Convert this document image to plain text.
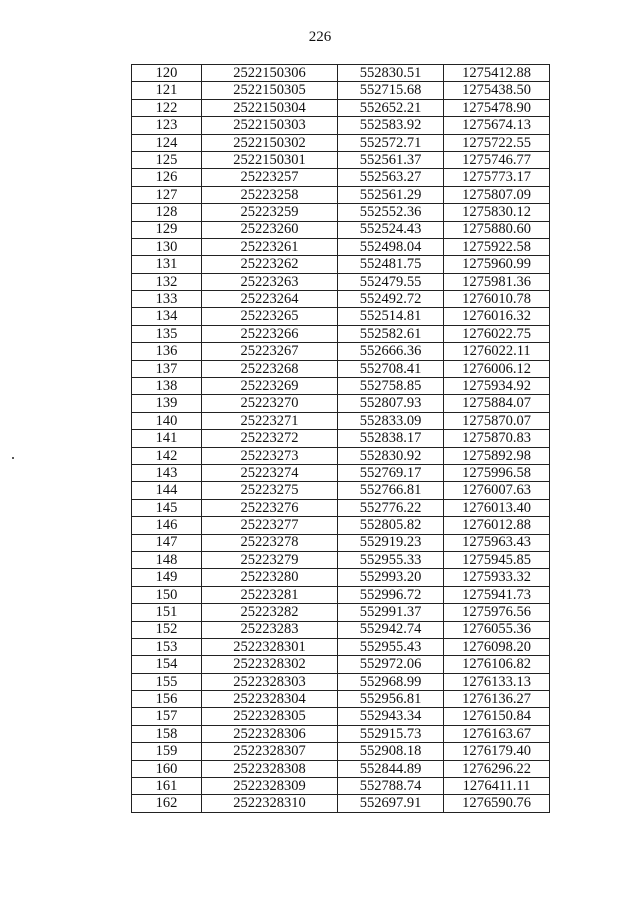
226
120	2522150306	552830.51	1275412.88
121	2522150305	552715.68	1275438.50
122	2522150304	552652.21	1275478.90
123	2522150303	552583.92	1275674.13
124	2522150302	552572.71	1275722.55
125	2522150301	552561.37	1275746.77
126	25223257	552563.27	1275773.17
127	25223258	552561.29	1275807.09
128	25223259	552552.36	1275830.12
129	25223260	552524.43	1275880.60
130	25223261	552498.04	1275922.58
131	25223262	552481.75	1275960.99
132	25223263	552479.55	1275981.36
133	25223264	552492.72	1276010.78
134	25223265	552514.81	1276016.32
135	25223266	552582.61	1276022.75
136	25223267	552666.36	1276022.11
137	25223268	552708.41	1276006.12
138	25223269	552758.85	1275934.92
139	25223270	552807.93	1275884.07
140	25223271	552833.09	1275870.07
141	25223272	552838.17	1275870.83
142	25223273	552830.92	1275892.98
143	25223274	552769.17	1275996.58
144	25223275	552766.81	1276007.63
145	25223276	552776.22	1276013.40
146	25223277	552805.82	1276012.88
147	25223278	552919.23	1275963.43
148	25223279	552955.33	1275945.85
149	25223280	552993.20	1275933.32
150	25223281	552996.72	1275941.73
151	25223282	552991.37	1275976.56
152	25223283	552942.74	1276055.36
153	2522328301	552955.43	1276098.20
154	2522328302	552972.06	1276106.82
155	2522328303	552968.99	1276133.13
156	2522328304	552956.81	1276136.27
157	2522328305	552943.34	1276150.84
158	2522328306	552915.73	1276163.67
159	2522328307	552908.18	1276179.40
160	2522328308	552844.89	1276296.22
161	2522328309	552788.74	1276411.11
162	2522328310	552697.91	1276590.76
